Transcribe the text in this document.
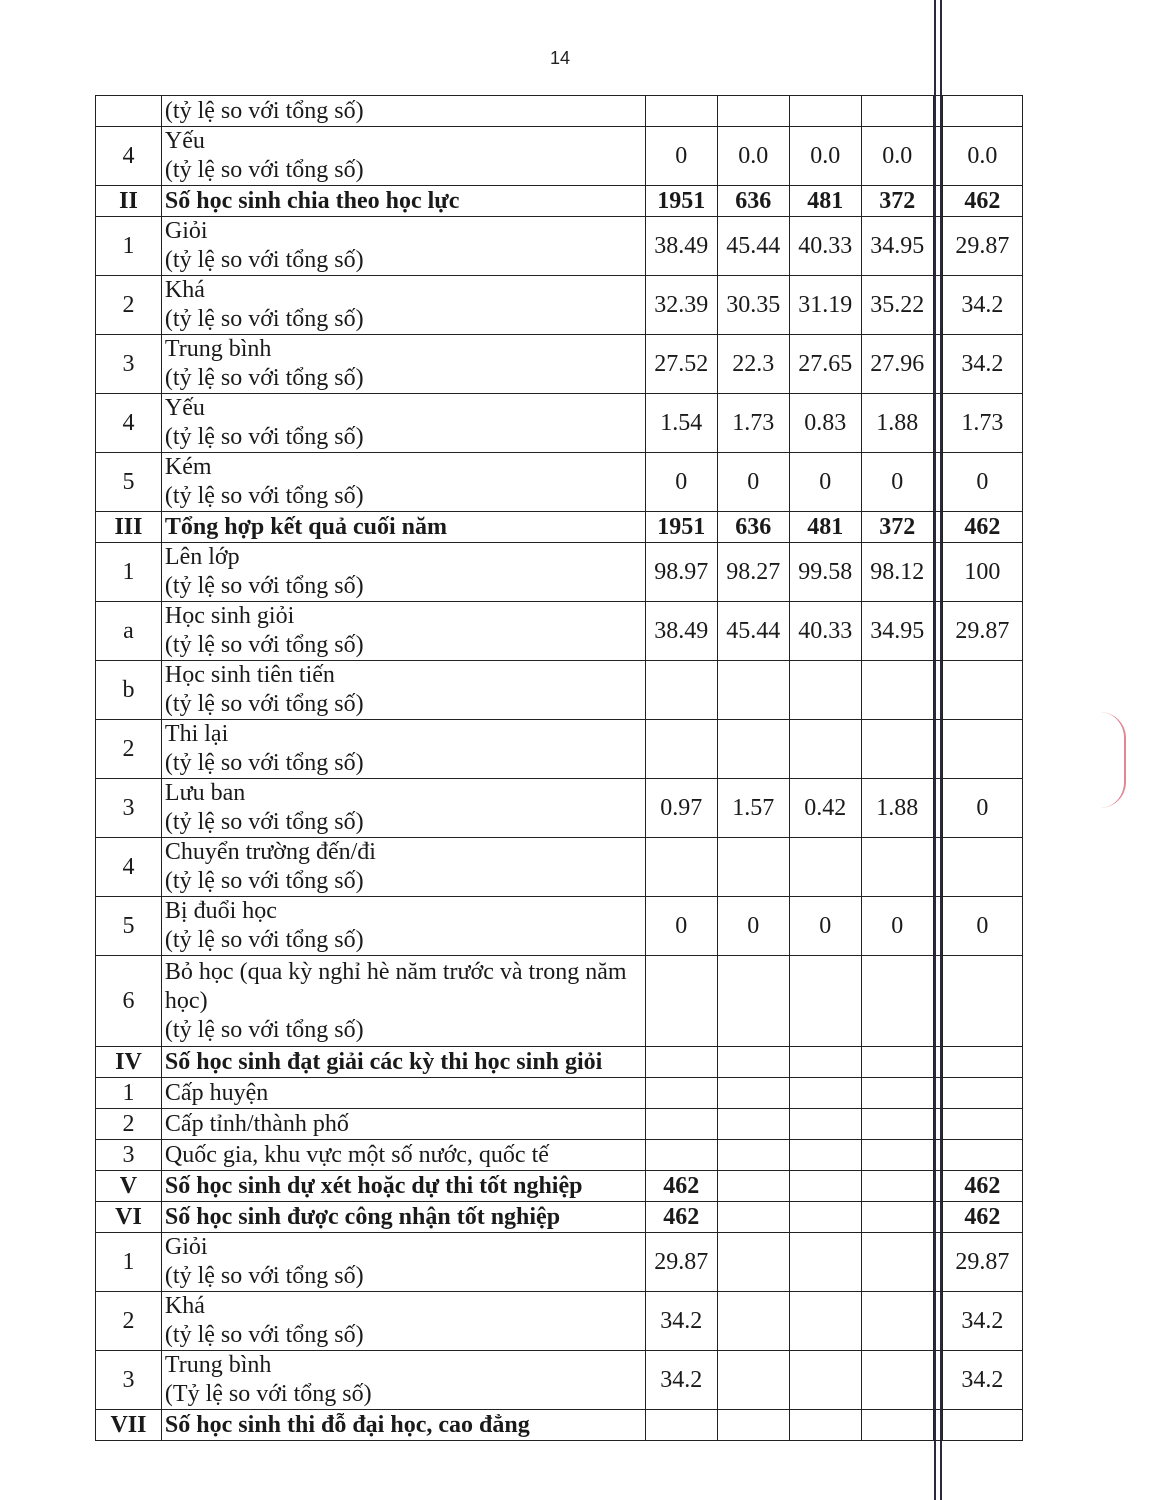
14

	(tỷ lệ so với tổng số)						

4	Yếu
(tỷ lệ so với tổng số)	0	0.0	0.0	0.0		0.0
II	Số học sinh chia theo học lực	1951	636	481	372		462
1	Giỏi
(tỷ lệ so với tổng số)	38.49	45.44	40.33	34.95		29.87
2	Khá
(tỷ lệ so với tổng số)	32.39	30.35	31.19	35.22		34.2
3	Trung bình
(tỷ lệ so với tổng số)	27.52	22.3	27.65	27.96		34.2
4	Yếu
(tỷ lệ so với tổng số)	1.54	1.73	0.83	1.88		1.73
5	Kém
(tỷ lệ so với tổng số)	0	0	0	0		0
III	Tổng hợp kết quả cuối năm	1951	636	481	372		462
1	Lên lớp
(tỷ lệ so với tổng số)	98.97	98.27	99.58	98.12		100
a	Học sinh giỏi
(tỷ lệ so với tổng số)	38.49	45.44	40.33	34.95		29.87
b	Học sinh tiên tiến
(tỷ lệ so với tổng số)						

2	Thi lại
(tỷ lệ so với tổng số)						

3	Lưu ban
(tỷ lệ so với tổng số)	0.97	1.57	0.42	1.88		0
4	Chuyển trường đến/đi
(tỷ lệ so với tổng số)						

5	Bị đuổi học
(tỷ lệ so với tổng số)	0	0	0	0		0
6	Bỏ học (qua kỳ nghỉ hè năm trước và trong năm học)
(tỷ lệ so với tổng số)						

IV	Số học sinh đạt giải các kỳ thi học sinh giỏi						

1	Cấp huyện						

2	Cấp tỉnh/thành phố						

3	Quốc gia, khu vực một số nước, quốc tế						

V	Số học sinh dự xét hoặc dự thi tốt nghiệp	462					462
VI	Số học sinh được công nhận tốt nghiệp	462					462
1	Giỏi
(tỷ lệ so với tổng số)	29.87					29.87
2	Khá
(tỷ lệ so với tổng số)	34.2					34.2
3	Trung bình
(Tỷ lệ so với tổng số)	34.2					34.2
VII	Số học sinh thi đỗ đại học, cao đẳng						
